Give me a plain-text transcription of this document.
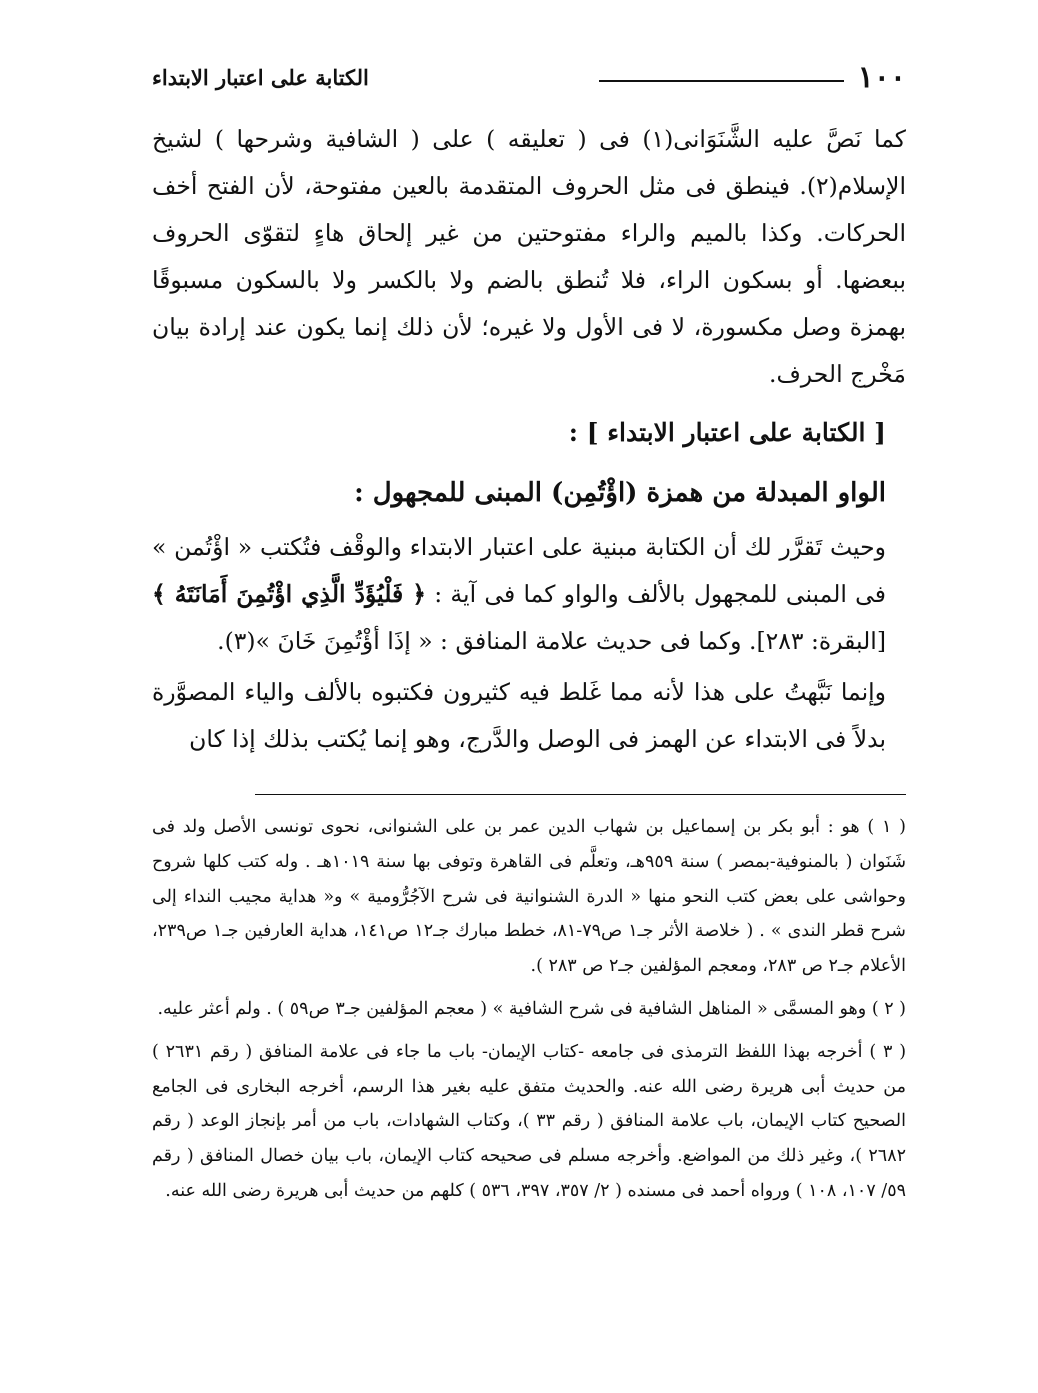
١٠٠
الكتابة على اعتبار الابتداء

كما نَصَّ عليه الشَّنَوَانى(١) فى ( تعليقه ) على ( الشافية وشرحها ) لشيخ الإسلام(٢). فينطق فى مثل الحروف المتقدمة بالعين مفتوحة، لأن الفتح أخف الحركات. وكذا بالميم والراء مفتوحتين من غير إلحاق هاءٍ لتقوّى الحروف ببعضها. أو بسكون الراء، فلا تُنطق بالضم ولا بالكسر ولا بالسكون مسبوقًا بهمزة وصل مكسورة، لا فى الأول ولا غيره؛ لأن ذلك إنما يكون عند إرادة بيان مَخْرج الحرف.

[ الكتابة على اعتبار الابتداء ] :

الواو المبدلة من همزة (اؤْتُمِن) المبنى للمجهول :

وحيث تَقرَّر لك أن الكتابة مبنية على اعتبار الابتداء والوقْف فتُكتب « اؤْتُمن » فى المبنى للمجهول بالألف والواو كما فى آية : ﴿ فَلْيُؤَدِّ الَّذِي اؤْتُمِنَ أَمَانَتَهُ ﴾ [البقرة: ٢٨٣]. وكما فى حديث علامة المنافق : « إذَا أؤْتُمِنَ خَانَ »(٣).

وإنما نَبَّهتُ على هذا لأنه مما غَلط فيه كثيرون فكتبوه بالألف والياء المصوَّرة بدلاً فى الابتداء عن الهمز فى الوصل والدَّرج، وهو إنما يُكتب بذلك إذا كان

( ١ ) هو : أبو بكر بن إسماعيل بن شهاب الدين عمر بن على الشنوانى، نحوى تونسى الأصل ولد فى شَنَوان ( بالمنوفية-بمصر ) سنة ٩٥٩هـ، وتعلَّم فى القاهرة وتوفى بها سنة ١٠١٩هـ . وله كتب كلها شروح وحواشى على بعض كتب النحو منها « الدرة الشنوانية فى شرح الآجُرُّومية » و« هداية مجيب النداء إلى شرح قطر الندى » . ( خلاصة الأثر جـ١ ص٧٩-٨١، خطط مبارك جـ١٢ ص١٤١، هداية العارفين جـ١ ص٢٣٩، الأعلام جـ٢ ص ٢٨٣، ومعجم المؤلفين جـ٢ ص ٢٨٣ ).

( ٢ ) وهو المسمَّى « المناهل الشافية فى شرح الشافية » ( معجم المؤلفين جـ٣ ص٥٩ ) . ولم أعثر عليه.

( ٣ ) أخرجه بهذا اللفظ الترمذى فى جامعه -كتاب الإيمان- باب ما جاء فى علامة المنافق ( رقم ٢٦٣١ ) من حديث أبى هريرة رضى الله عنه. والحديث متفق عليه بغير هذا الرسم، أخرجه البخارى فى الجامع الصحيح كتاب الإيمان، باب علامة المنافق ( رقم ٣٣ )، وكتاب الشهادات، باب من أمر بإنجاز الوعد ( رقم ٢٦٨٢ )، وغير ذلك من المواضع. وأخرجه مسلم فى صحيحه كتاب الإيمان، باب بيان خصال المنافق ( رقم ٥٩/ ١٠٧، ١٠٨ ) ورواه أحمد فى مسنده ( ٢/ ٣٥٧، ٣٩٧، ٥٣٦ ) كلهم من حديث أبى هريرة رضى الله عنه.
